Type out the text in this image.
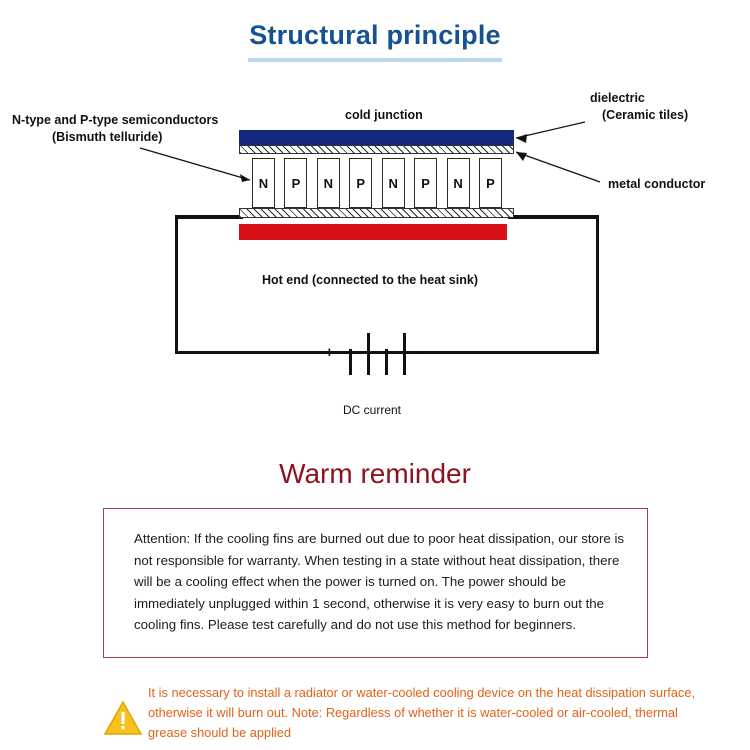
Structural principle
dielectric
(Ceramic tiles)
N-type and P-type semiconductors
(Bismuth telluride)
cold junction
metal conductor
N	P	N	P	N	P	N	P
Hot end (connected to the heat sink)
+	-
DC current
Warm reminder
Attention: If the cooling fins are burned out due to poor heat dissipation, our store is not responsible for warranty. When testing in a state without heat dissipation, there will be a cooling effect when the power is turned on. The power should be immediately unplugged within 1 second, otherwise it is very easy to burn out the cooling fins. Please test carefully and do not use this method for beginners.
It is necessary to install a radiator or water-cooled cooling device on the heat dissipation surface, otherwise it will burn out. Note: Regardless of whether it is water-cooled or air-cooled, thermal grease should be applied
